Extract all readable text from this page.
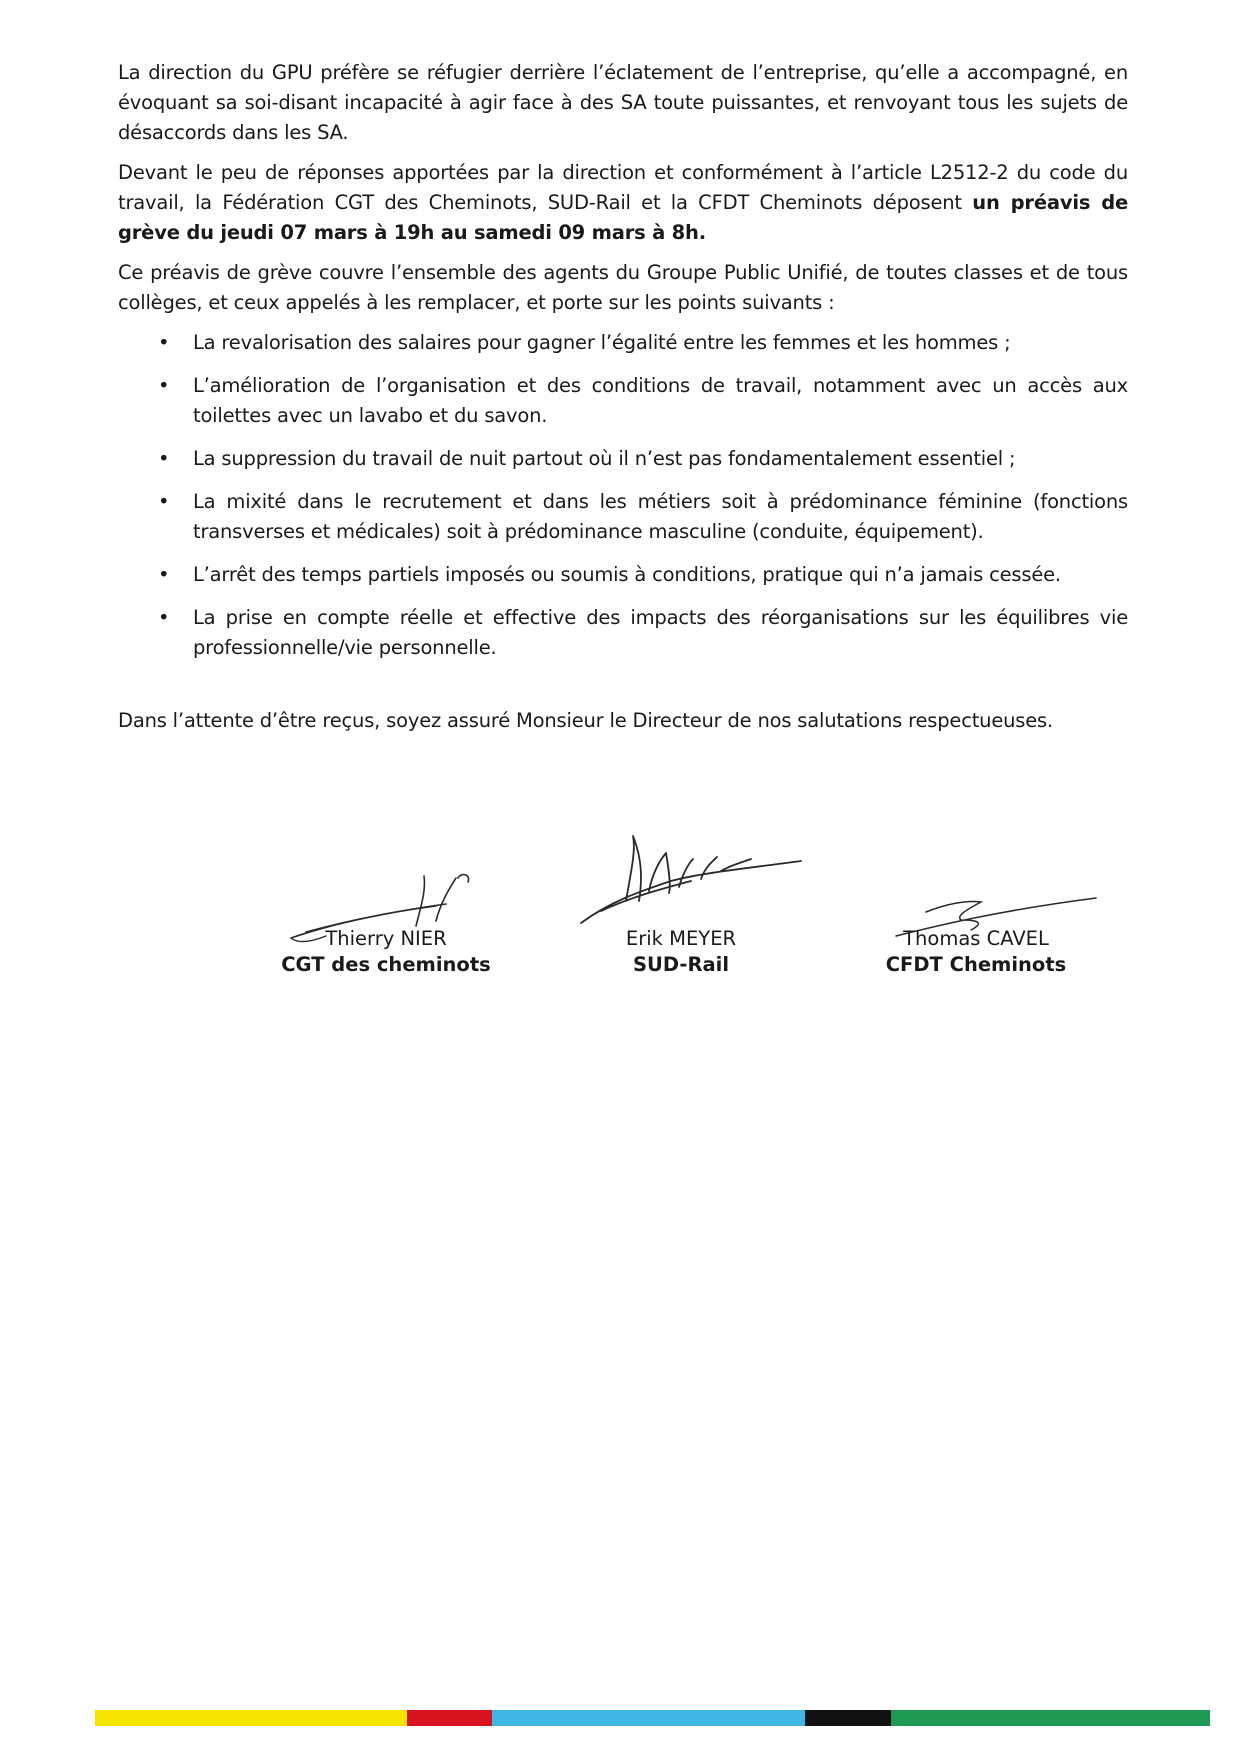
La direction du GPU préfère se réfugier derrière l’éclatement de l’entreprise, qu’elle a accompagné, en évoquant sa soi-disant incapacité à agir face à des SA toute puissantes, et renvoyant tous les sujets de désaccords dans les SA.

Devant le peu de réponses apportées par la direction et conformément à l’article L2512-2 du code du travail, la Fédération CGT des Cheminots, SUD-Rail et la CFDT Cheminots déposent un préavis de grève du jeudi 07 mars à 19h au samedi 09 mars à 8h.

Ce préavis de grève couvre l’ensemble des agents du Groupe Public Unifié, de toutes classes et de tous collèges, et ceux appelés à les remplacer, et porte sur les points suivants :

• La revalorisation des salaires pour gagner l’égalité entre les femmes et les hommes ;
• L’amélioration de l’organisation et des conditions de travail, notamment avec un accès aux toilettes avec un lavabo et du savon.
• La suppression du travail de nuit partout où il n’est pas fondamentalement essentiel ;
• La mixité dans le recrutement et dans les métiers soit à prédominance féminine (fonctions transverses et médicales) soit à prédominance masculine (conduite, équipement).
• L’arrêt des temps partiels imposés ou soumis à conditions, pratique qui n’a jamais cessée.
• La prise en compte réelle et effective des impacts des réorganisations sur les équilibres vie professionnelle/vie personnelle.

Dans l’attente d’être reçus, soyez assuré Monsieur le Directeur de nos salutations respectueuses.

Thierry NIER
CGT des cheminots
Erik MEYER
SUD-Rail
Thomas CAVEL
CFDT Cheminots
